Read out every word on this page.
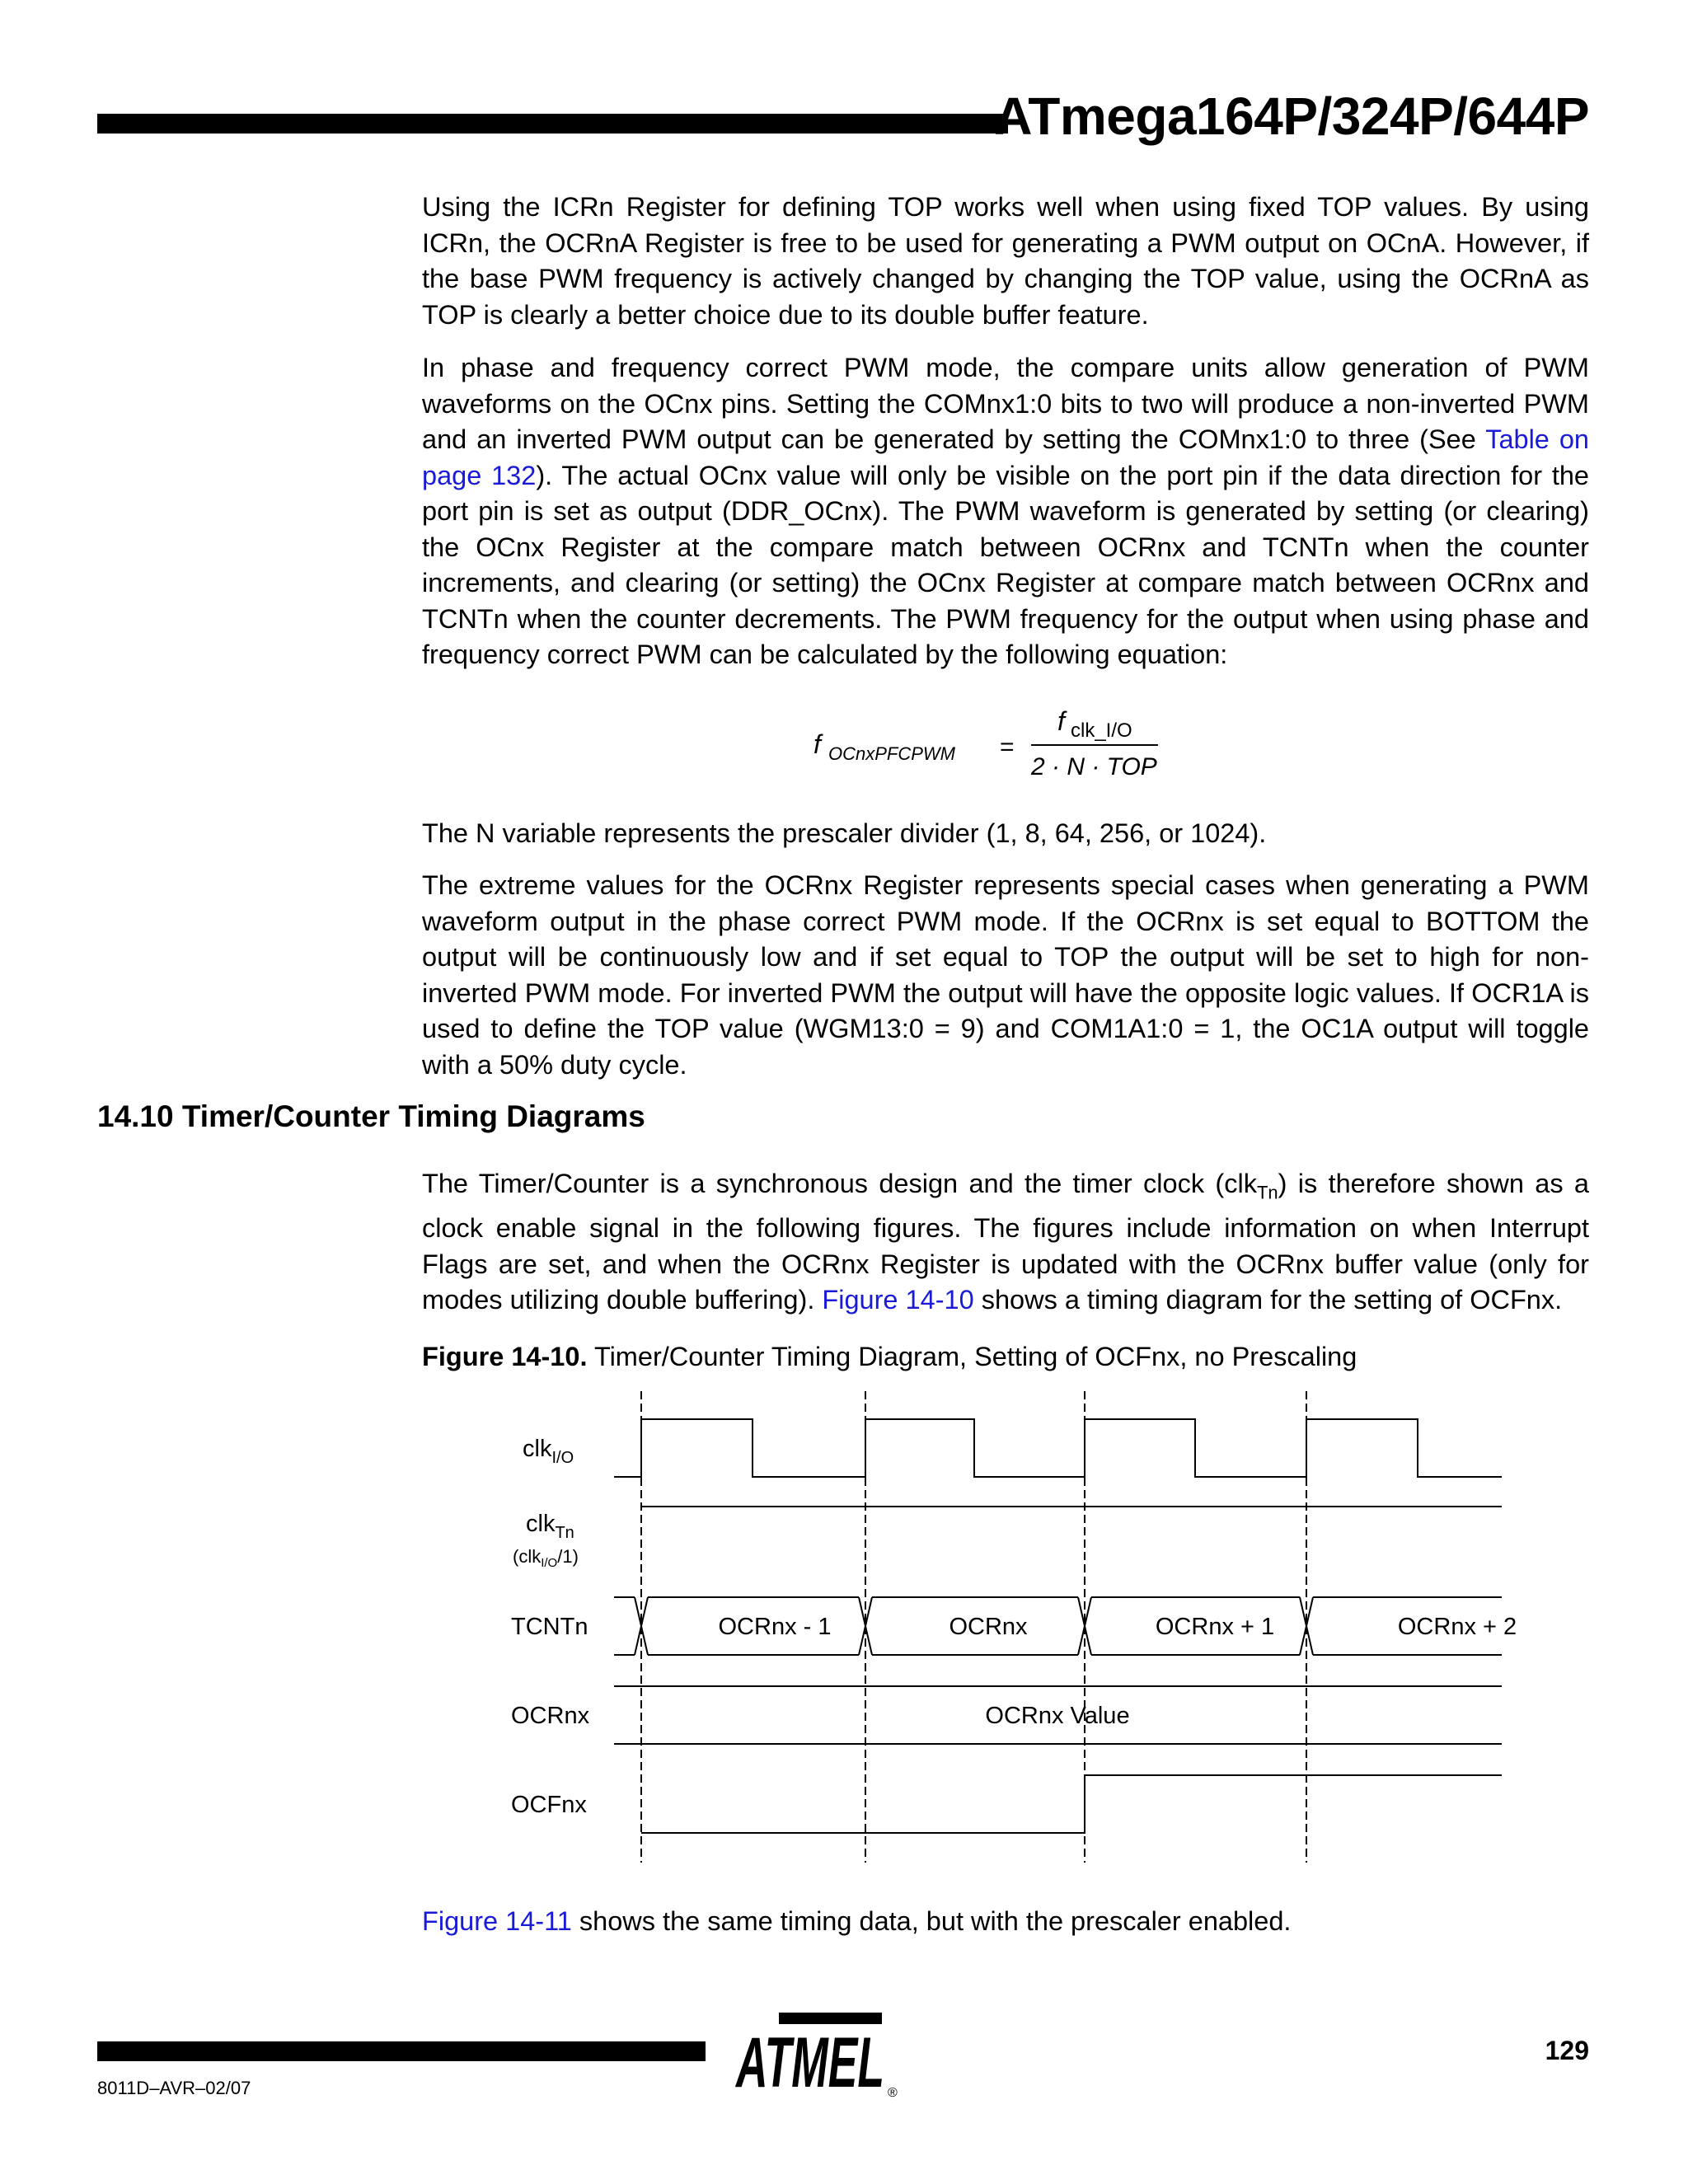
ATmega164P/324P/644P

Using the ICRn Register for defining TOP works well when using fixed TOP values. By using ICRn, the OCRnA Register is free to be used for generating a PWM output on OCnA. However, if the base PWM frequency is actively changed by changing the TOP value, using the OCRnA as TOP is clearly a better choice due to its double buffer feature.

In phase and frequency correct PWM mode, the compare units allow generation of PWM waveforms on the OCnx pins. Setting the COMnx1:0 bits to two will produce a non-inverted PWM and an inverted PWM output can be generated by setting the COMnx1:0 to three (See Table on page 132). The actual OCnx value will only be visible on the port pin if the data direction for the port pin is set as output (DDR_OCnx). The PWM waveform is generated by setting (or clearing) the OCnx Register at the compare match between OCRnx and TCNTn when the counter increments, and clearing (or setting) the OCnx Register at compare match between OCRnx and TCNTn when the counter decrements. The PWM frequency for the output when using phase and frequency correct PWM can be calculated by the following equation:

f OCnxPFCPWM =
f clk_I/O
2 · N · TOP

The N variable represents the prescaler divider (1, 8, 64, 256, or 1024).

The extreme values for the OCRnx Register represents special cases when generating a PWM waveform output in the phase correct PWM mode. If the OCRnx is set equal to BOTTOM the output will be continuously low and if set equal to TOP the output will be set to high for non-inverted PWM mode. For inverted PWM the output will have the opposite logic values. If OCR1A is used to define the TOP value (WGM13:0 = 9) and COM1A1:0 = 1, the OC1A output will toggle with a 50% duty cycle.

14.10 Timer/Counter Timing Diagrams

The Timer/Counter is a synchronous design and the timer clock (clk$_{Tn}$) is therefore shown as a clock enable signal in the following figures. The figures include information on when Interrupt Flags are set, and when the OCRnx Register is updated with the OCRnx buffer value (only for modes utilizing double buffering). Figure 14-10 shows a timing diagram for the setting of OCFnx.

Figure 14-10. Timer/Counter Timing Diagram, Setting of OCFnx, no Prescaling
clk$_{I/O}$
clk$_{Tn}$
(clk$_{I/O}$/1)
TCNTn
OCRnx
OCFnx
OCRnx - 1	OCRnx	OCRnx + 1	OCRnx + 2
OCRnx Value

Figure 14-11 shows the same timing data, but with the prescaler enabled.

ATMEL ®
129
8011D–AVR–02/07
